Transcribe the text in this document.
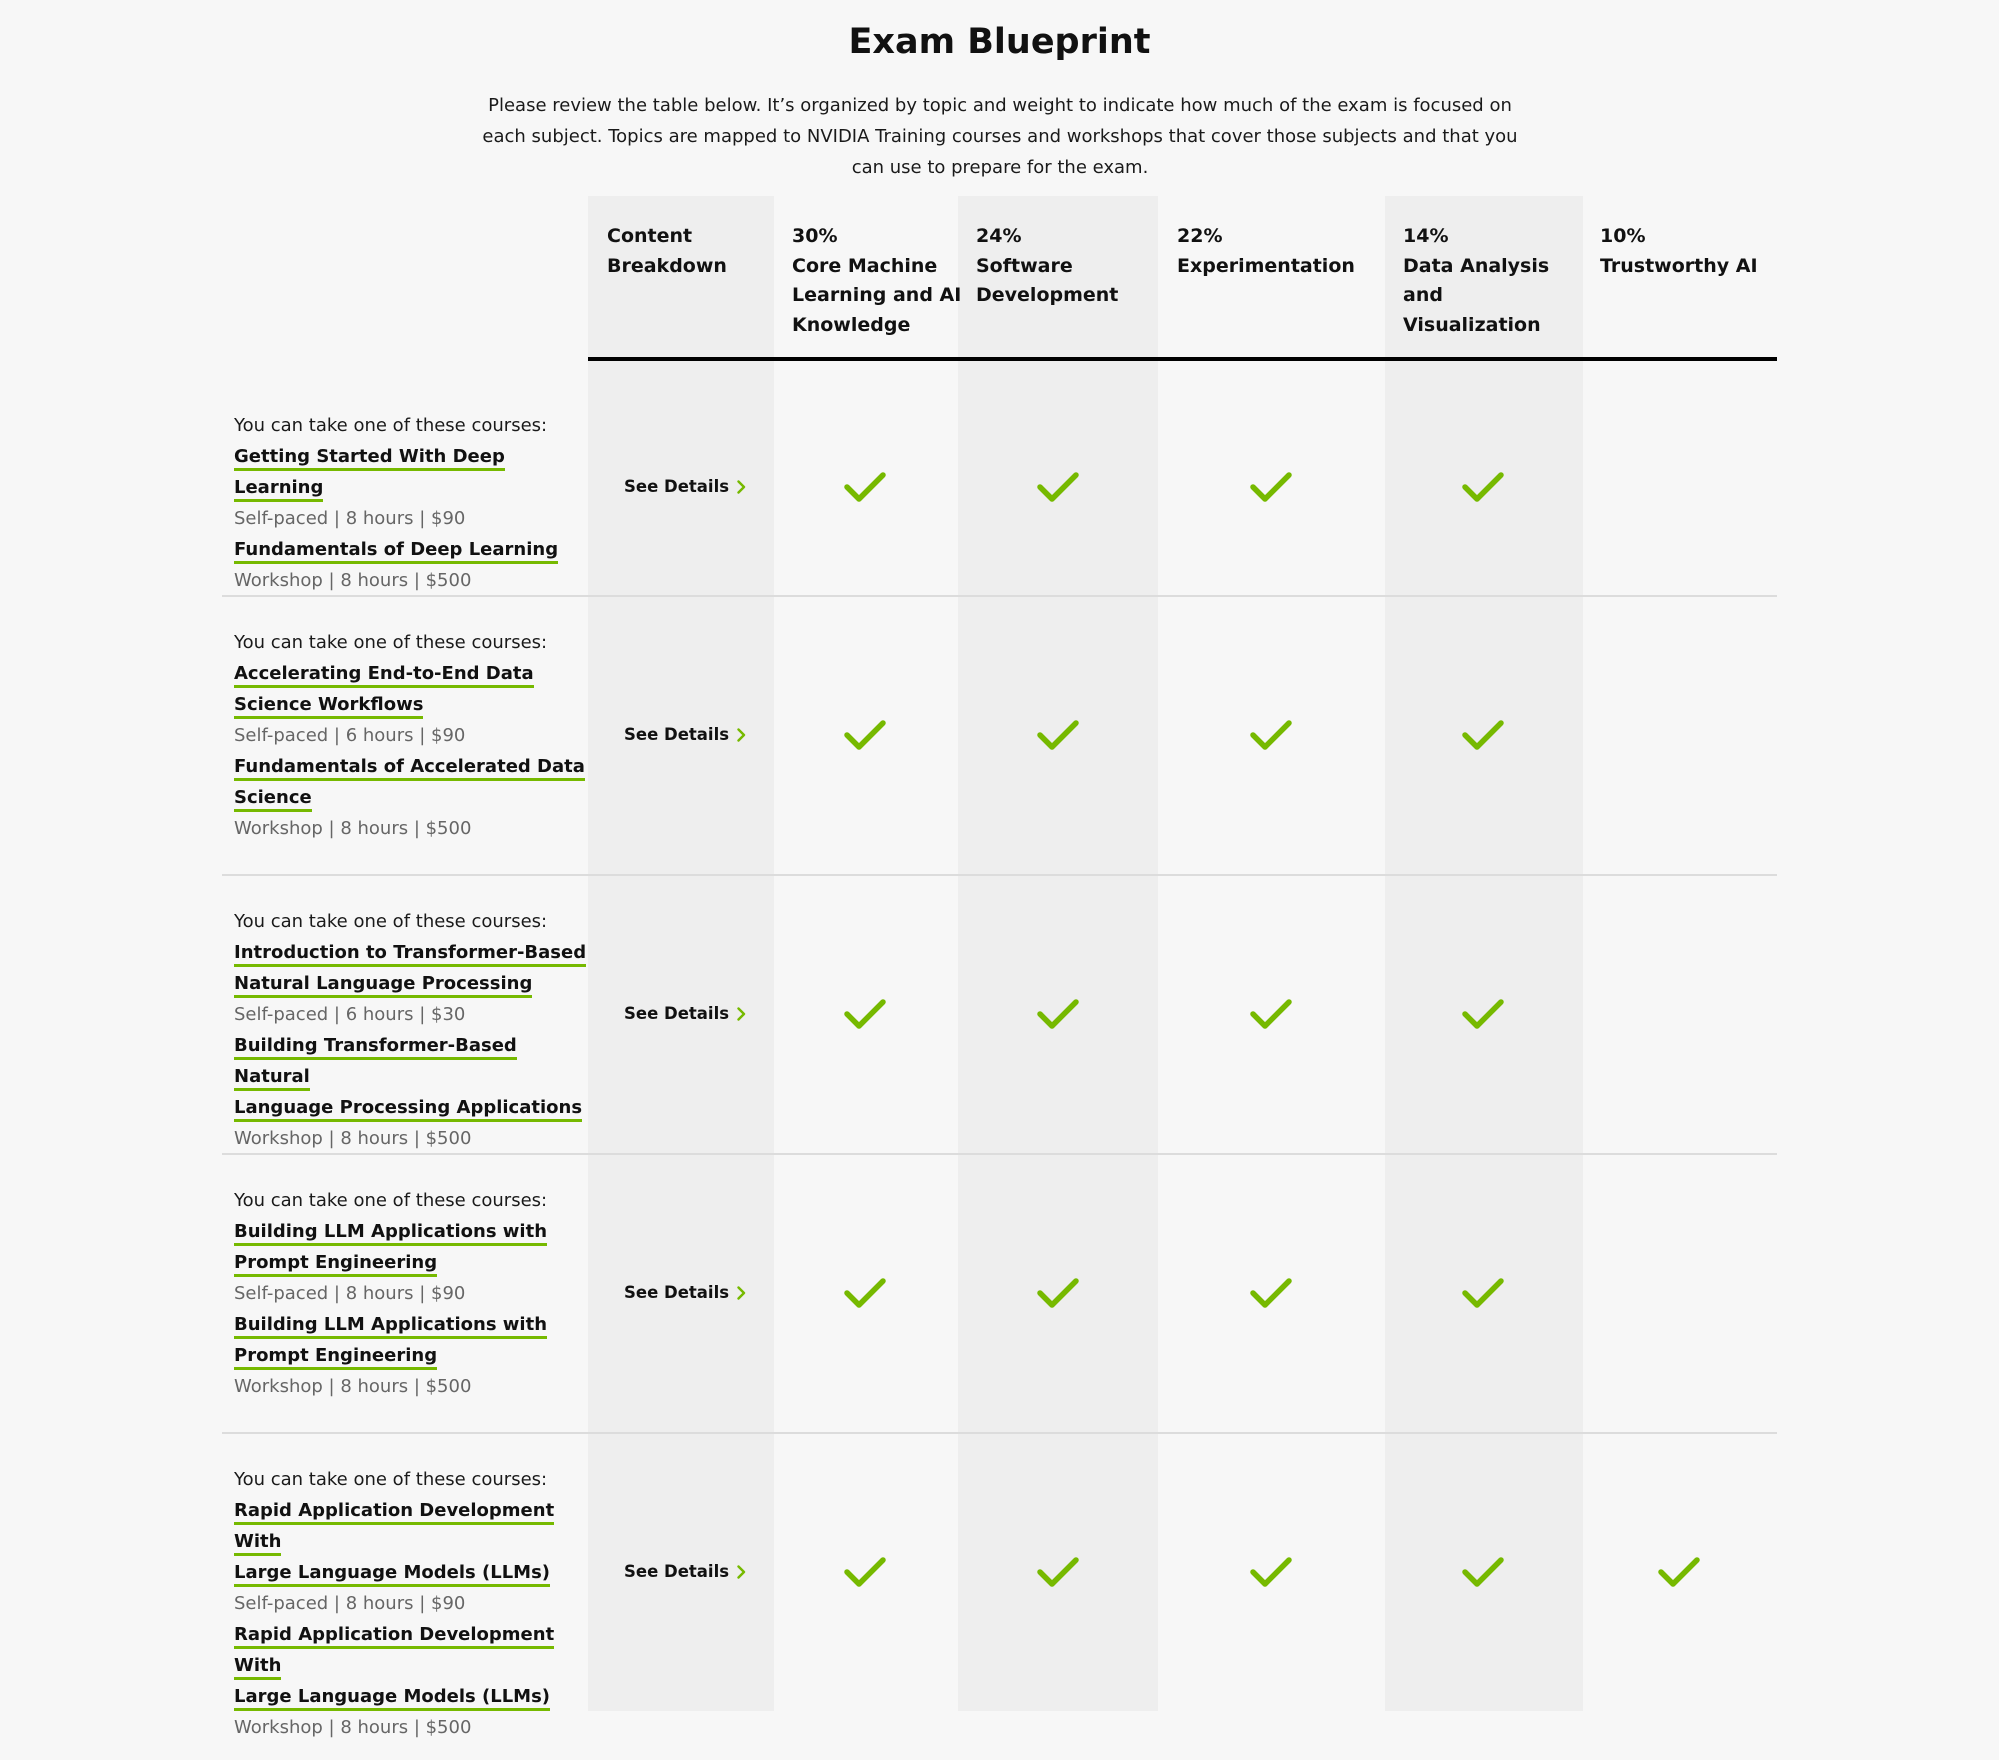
Exam Blueprint

Please review the table below. It’s organized by topic and weight to indicate how much of the exam is focused on each subject. Topics are mapped to NVIDIA Training courses and workshops that cover those subjects and that you can use to prepare for the exam.

Content
Breakdown
30%
Core Machine
Learning and AI
Knowledge
24%
Software
Development
22%
Experimentation
14%
Data Analysis
and
Visualization
10%
Trustworthy AI
You can take one of these courses:
Getting Started With Deep Learning
Self-paced | 8 hours | $90
Fundamentals of Deep Learning
Workshop | 8 hours | $500
See Details
You can take one of these courses:
Accelerating End-to-End Data
Science Workflows
Self-paced | 6 hours | $90
Fundamentals of Accelerated Data
Science
Workshop | 8 hours | $500
See Details
You can take one of these courses:
Introduction to Transformer-Based
Natural Language Processing
Self-paced | 6 hours | $30
Building Transformer-Based Natural
Language Processing Applications
Workshop | 8 hours | $500
See Details
You can take one of these courses:
Building LLM Applications with
Prompt Engineering
Self-paced | 8 hours | $90
Building LLM Applications with
Prompt Engineering
Workshop | 8 hours | $500
See Details
You can take one of these courses:
Rapid Application Development With
Large Language Models (LLMs)
Self-paced | 8 hours | $90
Rapid Application Development With
Large Language Models (LLMs)
Workshop | 8 hours | $500
See Details
